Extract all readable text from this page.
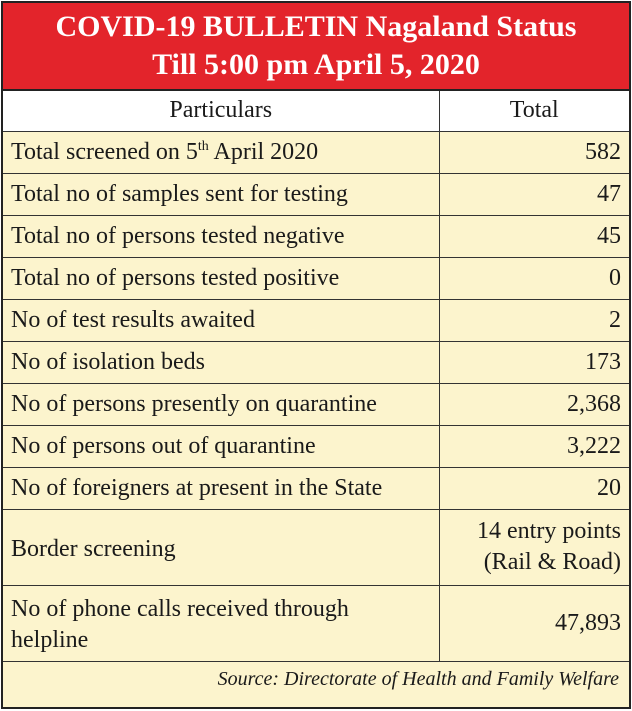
COVID-19 BULLETIN Nagaland Status
Till 5:00 pm April 5, 2020
Particulars	Total
Total screened on 5th April 2020	582
Total no of samples sent for testing	47
Total no of persons tested negative	45
Total no of persons tested positive	0
No of test results awaited	2
No of isolation beds	173
No of persons presently on quarantine	2,368
No of persons out of quarantine	3,222
No of foreigners at present in the State	20
Border screening	14 entry points
(Rail & Road)

No of phone calls received through
helpline	47,893
Source: Directorate of Health and Family Welfare
